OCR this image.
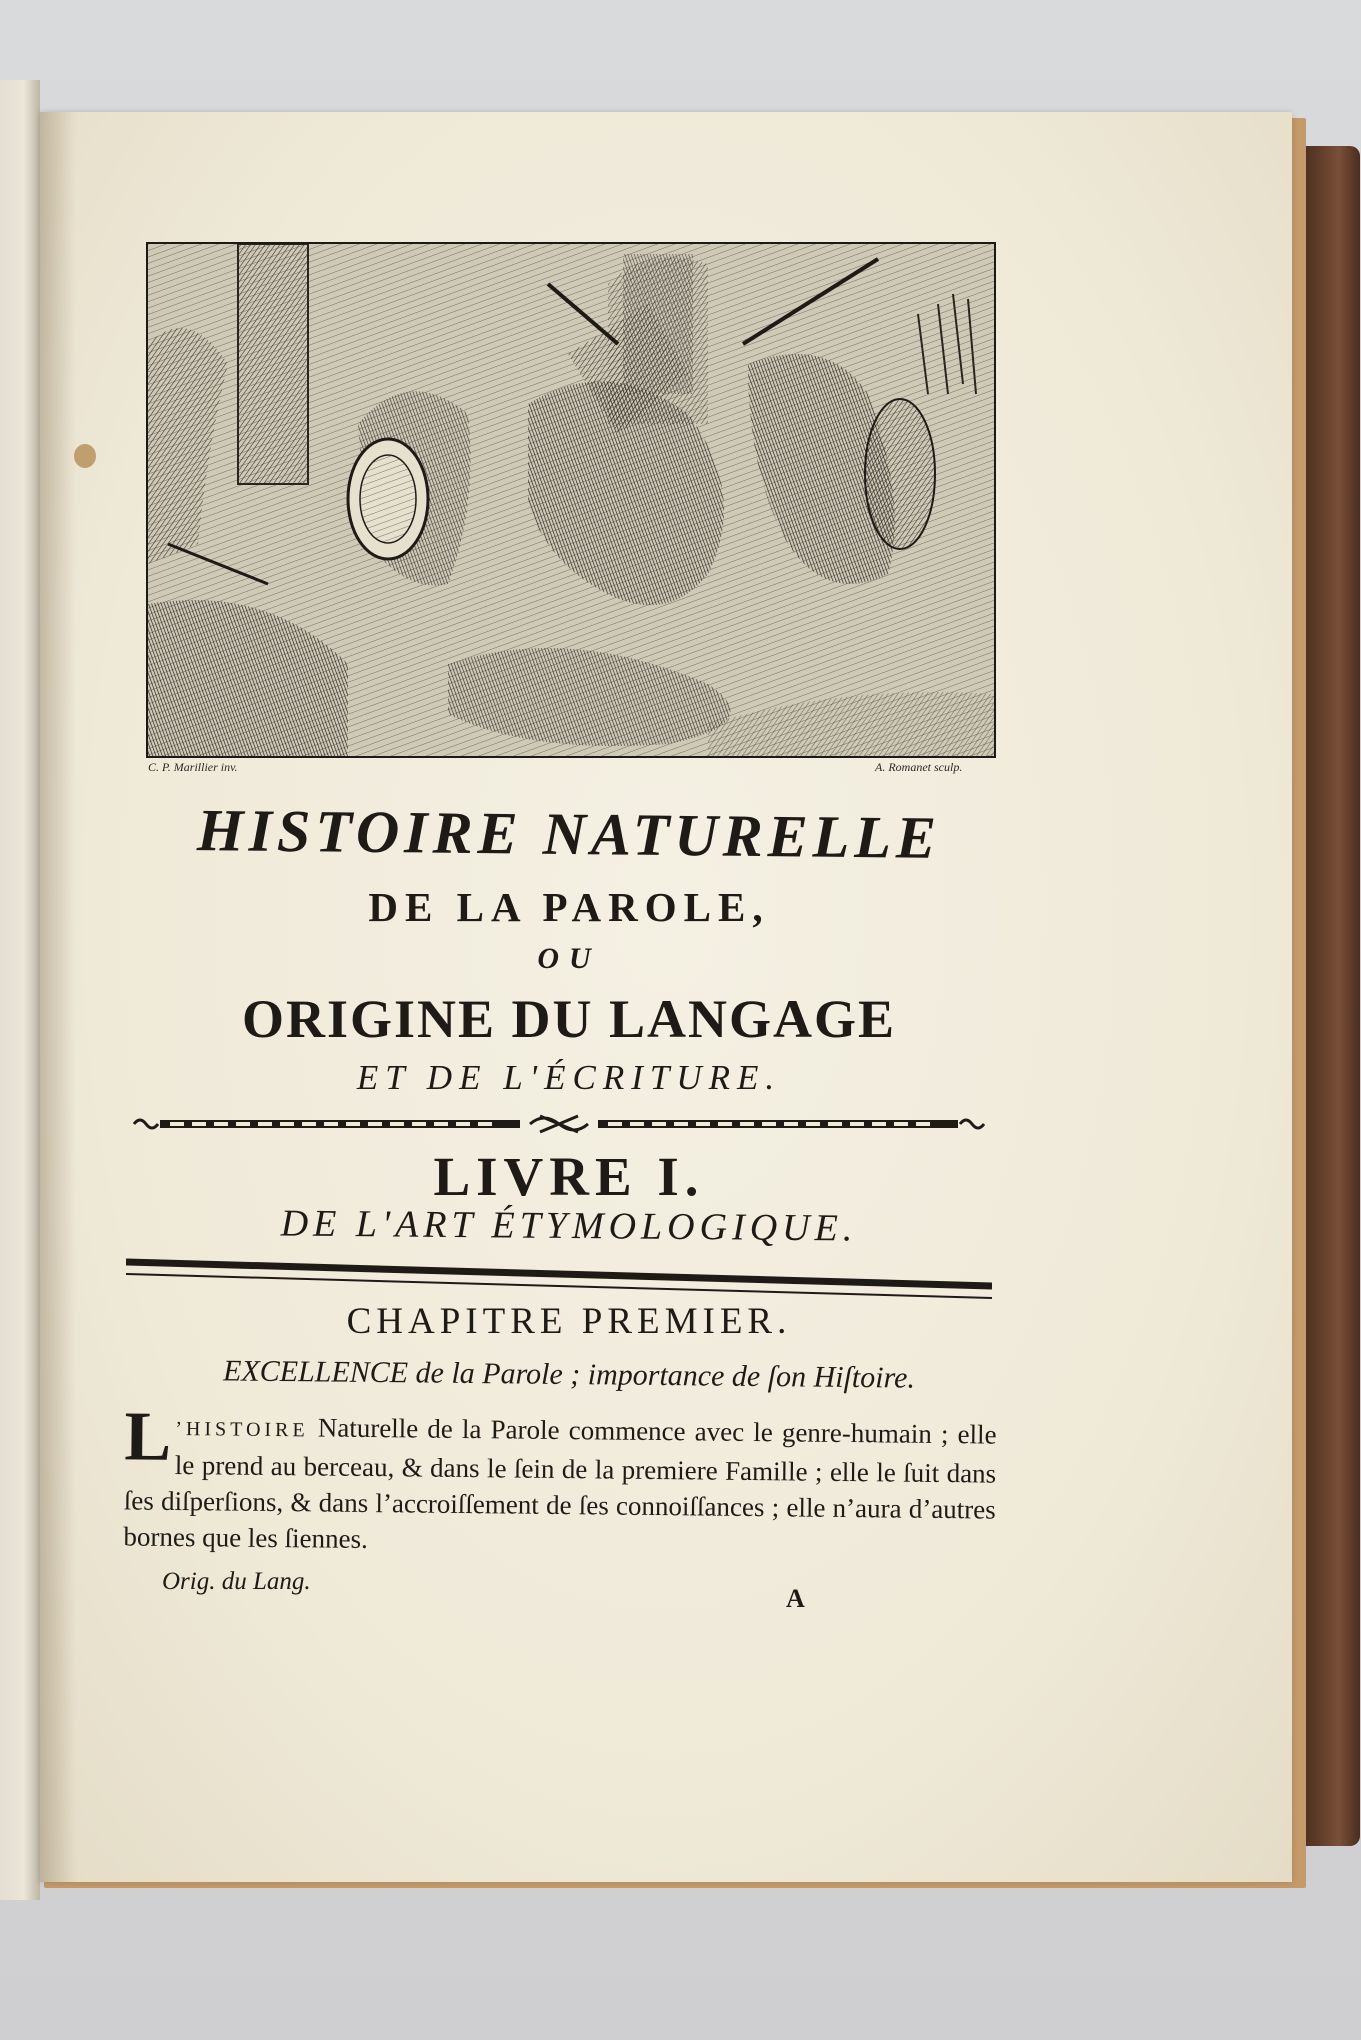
C. P. Marillier inv.	A. Romanet sculp.
HISTOIRE NATURELLE
DE LA PAROLE,
OU
ORIGINE DU LANGAGE
ET DE L'ÉCRITURE.
LIVRE I.
DE L'ART ÉTYMOLOGIQUE.
CHAPITRE PREMIER.
EXCELLENCE de la Parole ; importance de ſon Hiſtoire.
L ’HISTOIRE Naturelle de la Parole commence avec le genre-humain ; elle le prend au berceau, & dans le ſein de la premiere Famille ; elle le ſuit dans ſes diſperſions, & dans l’accroiſſement de ſes connoiſſances ; elle n’aura d’autres bornes que les ſiennes.
Orig. du Lang.
A
